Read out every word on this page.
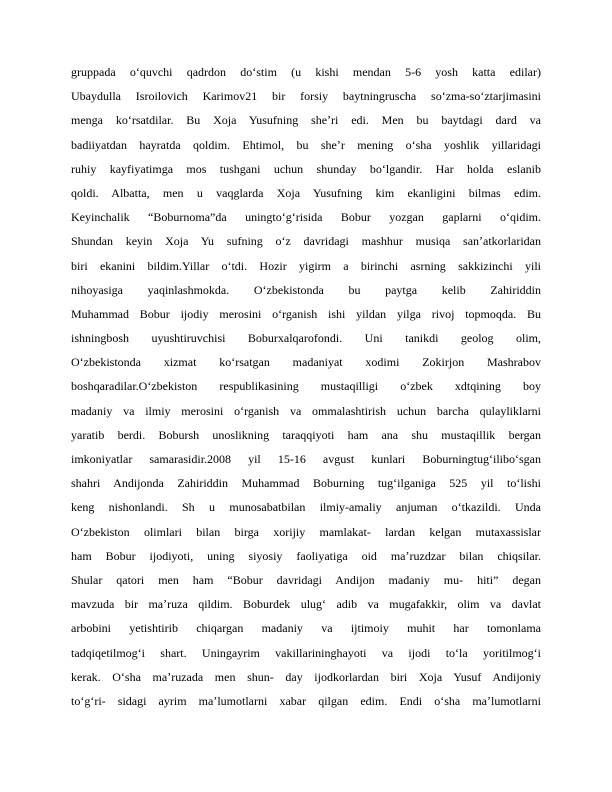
gruppada oʻquvchi qadrdon doʻstim (u kishi mendan 5-6 yosh katta edilar)
Ubaydulla Isroilovich Karimov21 bir forsiy baytningruscha soʻzma-soʻztarjimasini
menga koʻrsatdilar. Bu Xoja Yusufning sheʼri edi. Men bu baytdagi dard va
badiiyatdan hayratda qoldim. Ehtimol, bu sheʼr mening oʻsha yoshlik yillaridagi
ruhiy kayfiyatimga mos tushgani uchun shunday boʻlgandir. Har holda eslanib
qoldi. Albatta, men u vaqglarda Xoja Yusufning kim ekanligini bilmas edim.
Keyinchalik “Boburnoma”da uningtoʻgʻrisida Bobur yozgan gaplarni oʻqidim.
Shundan keyin Xoja Yu sufning oʻz davridagi mashhur musiqa sanʼatkorlaridan
biri ekanini bildim.Yillar oʻtdi. Hozir yigirm a birinchi asrning sakkizinchi yili
nihoyasiga yaqinlashmokda. Oʻzbekistonda bu paytga kelib Zahiriddin
Muhammad Bobur ijodiy merosini oʻrganish ishi yildan yilga rivoj topmoqda. Bu
ishningbosh uyushtiruvchisi Boburxalqarofondi. Uni tanikdi geolog olim,
Oʻzbekistonda xizmat koʻrsatgan madaniyat xodimi Zokirjon Mashrabov
boshqaradilar.Oʻzbekiston respublikasining mustaqilligi oʻzbek xdtqining boy
madaniy va ilmiy merosini oʻrganish va ommalashtirish uchun barcha qulayliklarni
yaratib berdi. Bobursh unoslikning taraqqiyoti ham ana shu mustaqillik bergan
imkoniyatlar samarasidir.2008 yil 15-16 avgust kunlari Boburningtugʻiliboʻsgan
shahri Andijonda Zahiriddin Muhammad Boburning tugʻilganiga 525 yil toʻlishi
keng nishonlandi. Sh u munosabatbilan ilmiy-amaliy anjuman oʻtkazildi. Unda
Oʻzbekiston olimlari bilan birga xorijiy mamlakat- lardan kelgan mutaxassislar
ham Bobur ijodiyoti, uning siyosiy faoliyatiga oid maʼruzdzar bilan chiqsilar.
Shular qatori men ham “Bobur davridagi Andijon madaniy mu- hiti” degan
mavzuda bir maʼruza qildim. Boburdek ulugʻ adib va mugafakkir, olim va davlat
arbobini yetishtirib chiqargan madaniy va ijtimoiy muhit har tomonlama
tadqiqetilmogʻi shart. Uningayrim vakillarininghayoti va ijodi toʻla yoritilmogʻi
kerak. Oʻsha maʼruzada men shun- day ijodkorlardan biri Xoja Yusuf Andijoniy
toʻgʻri- sidagi ayrim maʼlumotlarni xabar qilgan edim. Endi oʻsha maʼlumotlarni
